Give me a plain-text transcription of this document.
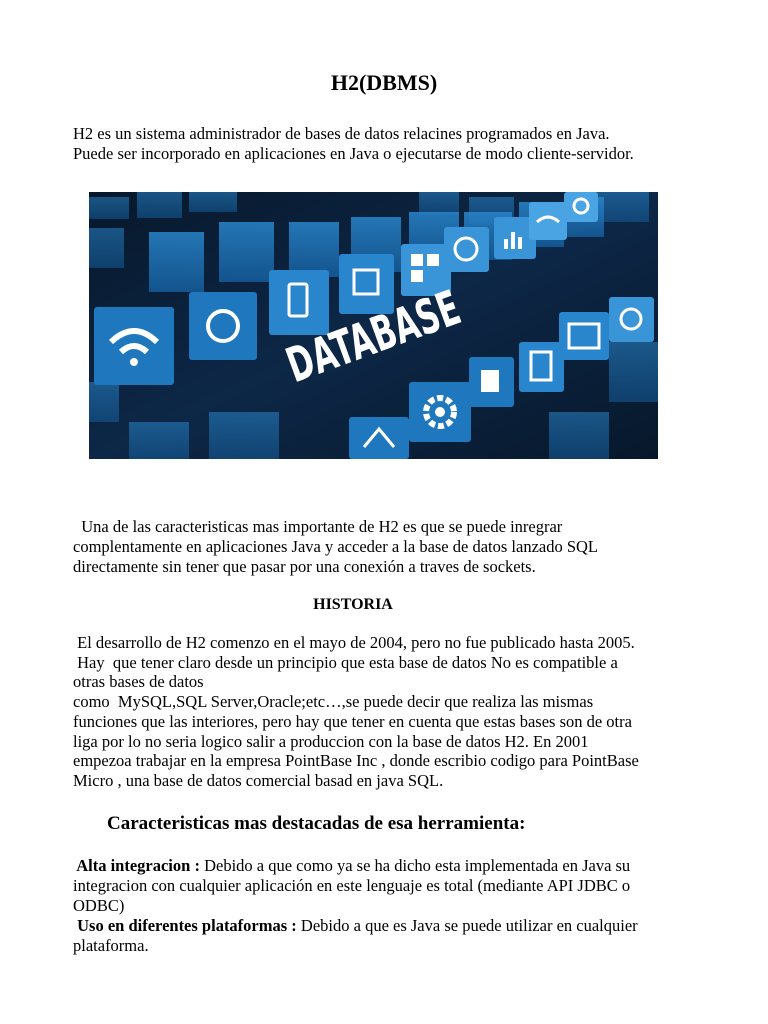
H2(DBMS)
H2 es un sistema administrador de bases de datos relacines programados en Java.
Puede ser incorporado en aplicaciones en Java o ejecutarse de modo cliente-servidor.
DATABASE
Una de las caracteristicas mas importante de H2 es que se puede inregrar
complentamente en aplicaciones Java y acceder a la base de datos lanzado SQL
directamente sin tener que pasar por una conexión a traves de sockets.
HISTORIA
El desarrollo de H2 comenzo en el mayo de 2004, pero no fue publicado hasta 2005.
Hay  que tener claro desde un principio que esta base de datos No es compatible a
otras bases de datos
como  MySQL,SQL Server,Oracle;etc…,se puede decir que realiza las mismas
funciones que las interiores, pero hay que tener en cuenta que estas bases son de otra
liga por lo no seria logico salir a produccion con la base de datos H2. En 2001
empezoa trabajar en la empresa PointBase Inc , donde escribio codigo para PointBase
Micro , una base de datos comercial basad en java SQL.
Caracteristicas mas destacadas de esa herramienta:
Alta integracion : Debido a que como ya se ha dicho esta implementada en Java su
integracion con cualquier aplicación en este lenguaje es total (mediante API JDBC o
ODBC)
Uso en diferentes plataformas : Debido a que es Java se puede utilizar en cualquier
plataforma.
